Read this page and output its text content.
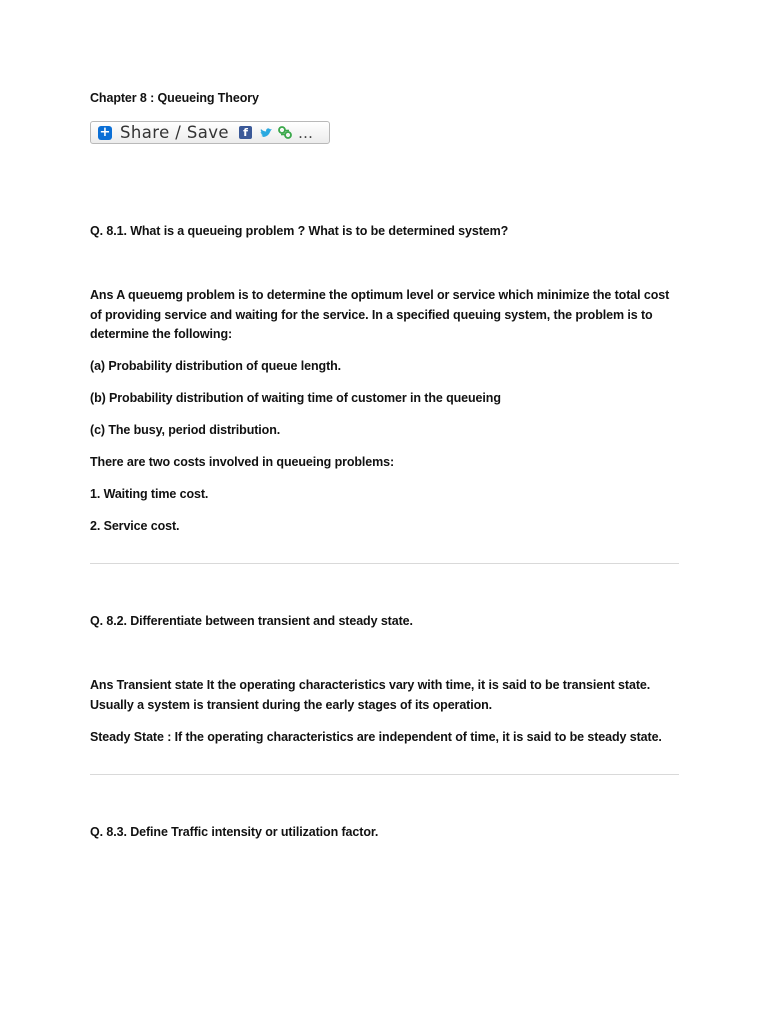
Chapter 8 : Queueing Theory
+ Share / Save	f	…
Q. 8.1. What is a queueing problem ? What is to be determined system?
Ans A queuemg problem is to determine the optimum level or service which minimize the total cost of providing service and waiting for the service. In a specified queuing system, the problem is to determine the following:
(a) Probability distribution of queue length.
(b) Probability distribution of waiting time of customer in the queueing
(c) The busy, period distribution.
There are two costs involved in queueing problems:
1. Waiting time cost.
2. Service cost.
Q. 8.2. Differentiate between transient and steady state.
Ans Transient state It the operating characteristics vary with time, it is said to be transient state. Usually a system is transient during the early stages of its operation.
Steady State : If the operating characteristics are independent of time, it is said to be steady state.
Q. 8.3. Define Traffic intensity or utilization factor.
